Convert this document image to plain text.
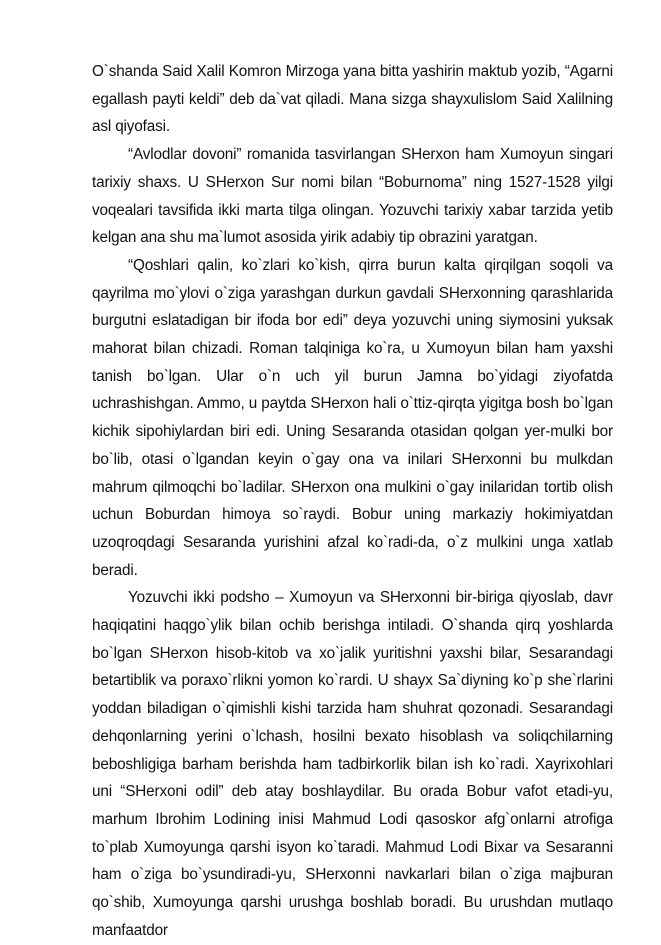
O`shanda Said Xalil Komron Mirzoga yana bitta yashirin maktub yozib, “Agarni egallash payti keldi” deb da`vat qiladi. Mana sizga shayxulislom Said Xalilning asl qiyofasi.

“Avlodlar dovoni” romanida tasvirlangan SHerxon ham Xumoyun singari tarixiy shaxs. U SHerxon Sur nomi bilan “Boburnoma” ning 1527-1528 yilgi voqealari tavsifida ikki marta tilga olingan. Yozuvchi tarixiy xabar tarzida yetib kelgan ana shu ma`lumot asosida yirik adabiy tip obrazini yaratgan.

“Qoshlari qalin, ko`zlari ko`kish, qirra burun kalta qirqilgan soqoli va qayrilma mo`ylovi o`ziga yarashgan durkun gavdali SHerxonning qarashlarida burgutni eslatadigan bir ifoda bor edi” deya yozuvchi uning siymosini yuksak mahorat bilan chizadi. Roman talqiniga ko`ra, u Xumoyun bilan ham yaxshi tanish bo`lgan. Ular o`n uch yil burun Jamna bo`yidagi ziyofatda uchrashishgan. Ammo, u paytda SHerxon hali o`ttiz-qirqta yigitga bosh bo`lgan kichik sipohiylardan biri edi. Uning Sesaranda otasidan qolgan yer-mulki bor bo`lib, otasi o`lgandan keyin o`gay ona va inilari SHerxonni bu mulkdan mahrum qilmoqchi bo`ladilar. SHerxon ona mulkini o`gay inilaridan tortib olish uchun Boburdan himoya so`raydi. Bobur uning markaziy hokimiyatdan uzoqroqdagi Sesaranda yurishini afzal ko`radi-da, o`z mulkini unga xatlab beradi.

Yozuvchi ikki podsho – Xumoyun va SHerxonni bir-biriga qiyoslab, davr haqiqatini haqgo`ylik bilan ochib berishga intiladi. O`shanda qirq yoshlarda bo`lgan SHerxon hisob-kitob va xo`jalik yuritishni yaxshi bilar, Sesarandagi betartiblik va poraxo`rlikni yomon ko`rardi. U shayx Sa`diyning ko`p she`rlarini yoddan biladigan o`qimishli kishi tarzida ham shuhrat qozonadi. Sesarandagi dehqonlarning yerini o`lchash, hosilni bexato hisoblash va soliqchilarning beboshligiga barham berishda ham tadbirkorlik bilan ish ko`radi. Xayrixohlari uni “SHerxoni odil” deb atay boshlaydilar. Bu orada Bobur vafot etadi-yu, marhum Ibrohim Lodining inisi Mahmud Lodi qasoskor afg`onlarni atrofiga to`plab Xumoyunga qarshi isyon ko`taradi. Mahmud Lodi Bixar va Sesaranni ham o`ziga bo`ysundiradi-yu, SHerxonni navkarlari bilan o`ziga majburan qo`shib, Xumoyunga qarshi urushga boshlab boradi. Bu urushdan mutlaqo manfaatdor
